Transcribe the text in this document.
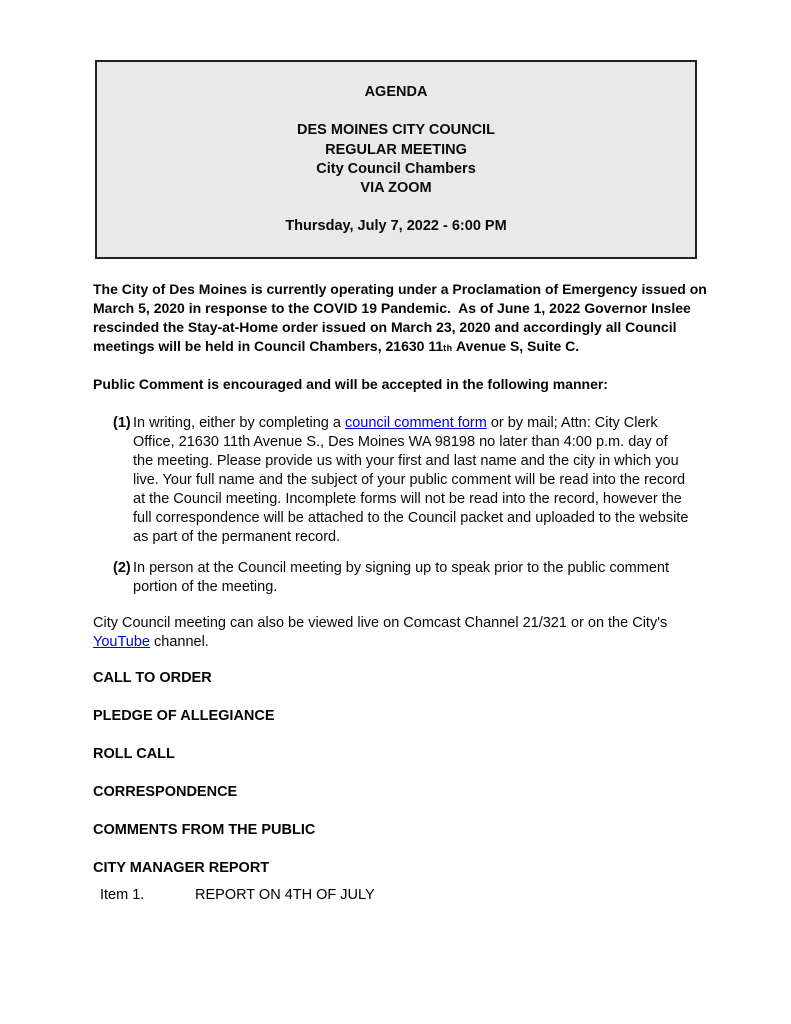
AGENDA
DES MOINES CITY COUNCIL
REGULAR MEETING
City Council Chambers
VIA ZOOM
Thursday, July 7, 2022 - 6:00 PM

The City of Des Moines is currently operating under a Proclamation of Emergency issued on March 5, 2020 in response to the COVID 19 Pandemic.  As of June 1, 2022 Governor Inslee rescinded the Stay-at-Home order issued on March 23, 2020 and accordingly all Council meetings will be held in Council Chambers, 21630 11th Avenue S, Suite C.

Public Comment is encouraged and will be accepted in the following manner:

(1) In writing, either by completing a council comment form or by mail; Attn: City Clerk Office, 21630 11th Avenue S., Des Moines WA 98198 no later than 4:00 p.m. day of the meeting. Please provide us with your first and last name and the city in which you live. Your full name and the subject of your public comment will be read into the record at the Council meeting. Incomplete forms will not be read into the record, however the full correspondence will be attached to the Council packet and uploaded to the website as part of the permanent record.
(2) In person at the Council meeting by signing up to speak prior to the public comment portion of the meeting.

City Council meeting can also be viewed live on Comcast Channel 21/321 or on the City's YouTube channel.

CALL TO ORDER
PLEDGE OF ALLEGIANCE
ROLL CALL
CORRESPONDENCE
COMMENTS FROM THE PUBLIC
CITY MANAGER REPORT
Item 1.	REPORT ON 4TH OF JULY
